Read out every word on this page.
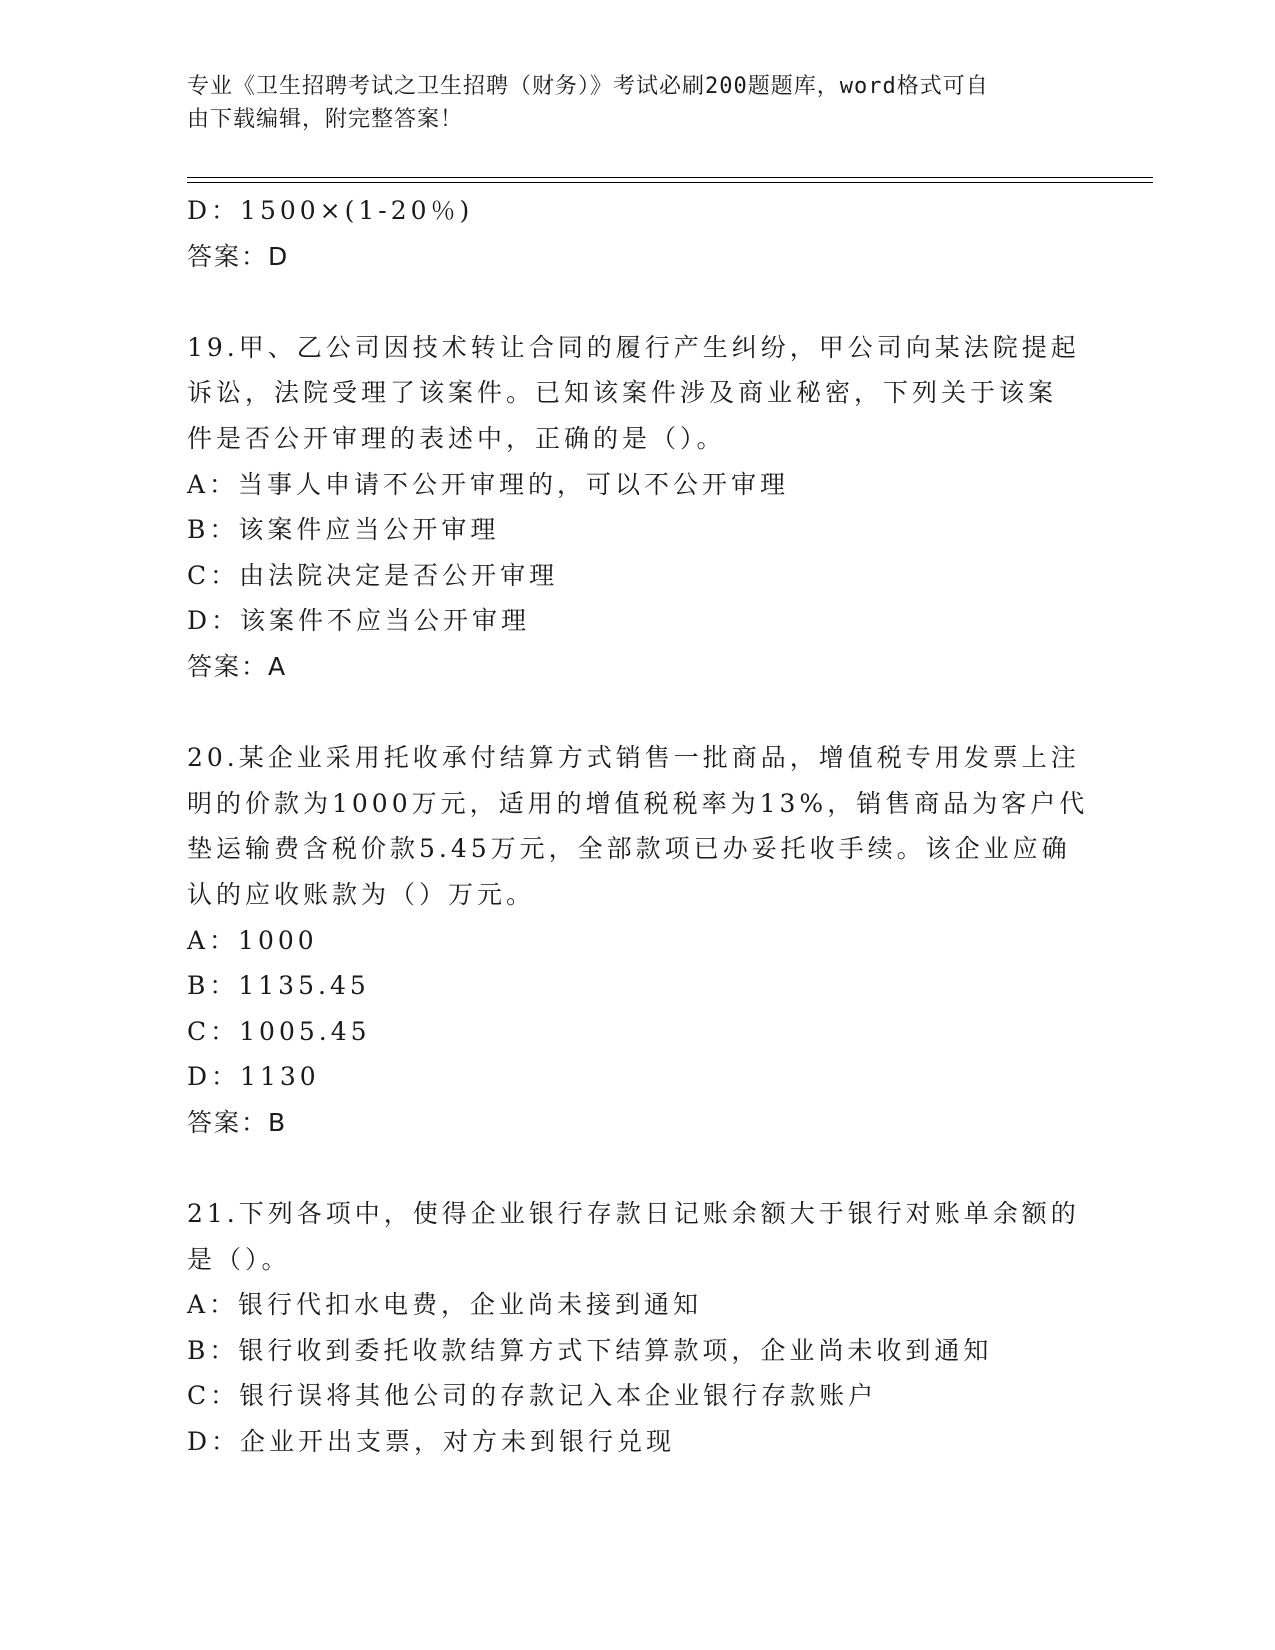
专业《卫生招聘考试之卫生招聘（财务）》考试必刷200题题库，word格式可自
由下载编辑，附完整答案！
D：1500×(1-20％)
答案：D
19.甲、乙公司因技术转让合同的履行产生纠纷，甲公司向某法院提起
诉讼，法院受理了该案件。已知该案件涉及商业秘密，下列关于该案
件是否公开审理的表述中，正确的是（）。
A：当事人申请不公开审理的，可以不公开审理
B：该案件应当公开审理
C：由法院决定是否公开审理
D：该案件不应当公开审理
答案：A
20.某企业采用托收承付结算方式销售一批商品，增值税专用发票上注
明的价款为1000万元，适用的增值税税率为13%，销售商品为客户代
垫运输费含税价款5.45万元，全部款项已办妥托收手续。该企业应确
认的应收账款为（）万元。
A：1000
B：1135.45
C：1005.45
D：1130
答案：B
21.下列各项中，使得企业银行存款日记账余额大于银行对账单余额的
是（）。
A：银行代扣水电费，企业尚未接到通知
B：银行收到委托收款结算方式下结算款项，企业尚未收到通知
C：银行误将其他公司的存款记入本企业银行存款账户
D：企业开出支票，对方未到银行兑现
